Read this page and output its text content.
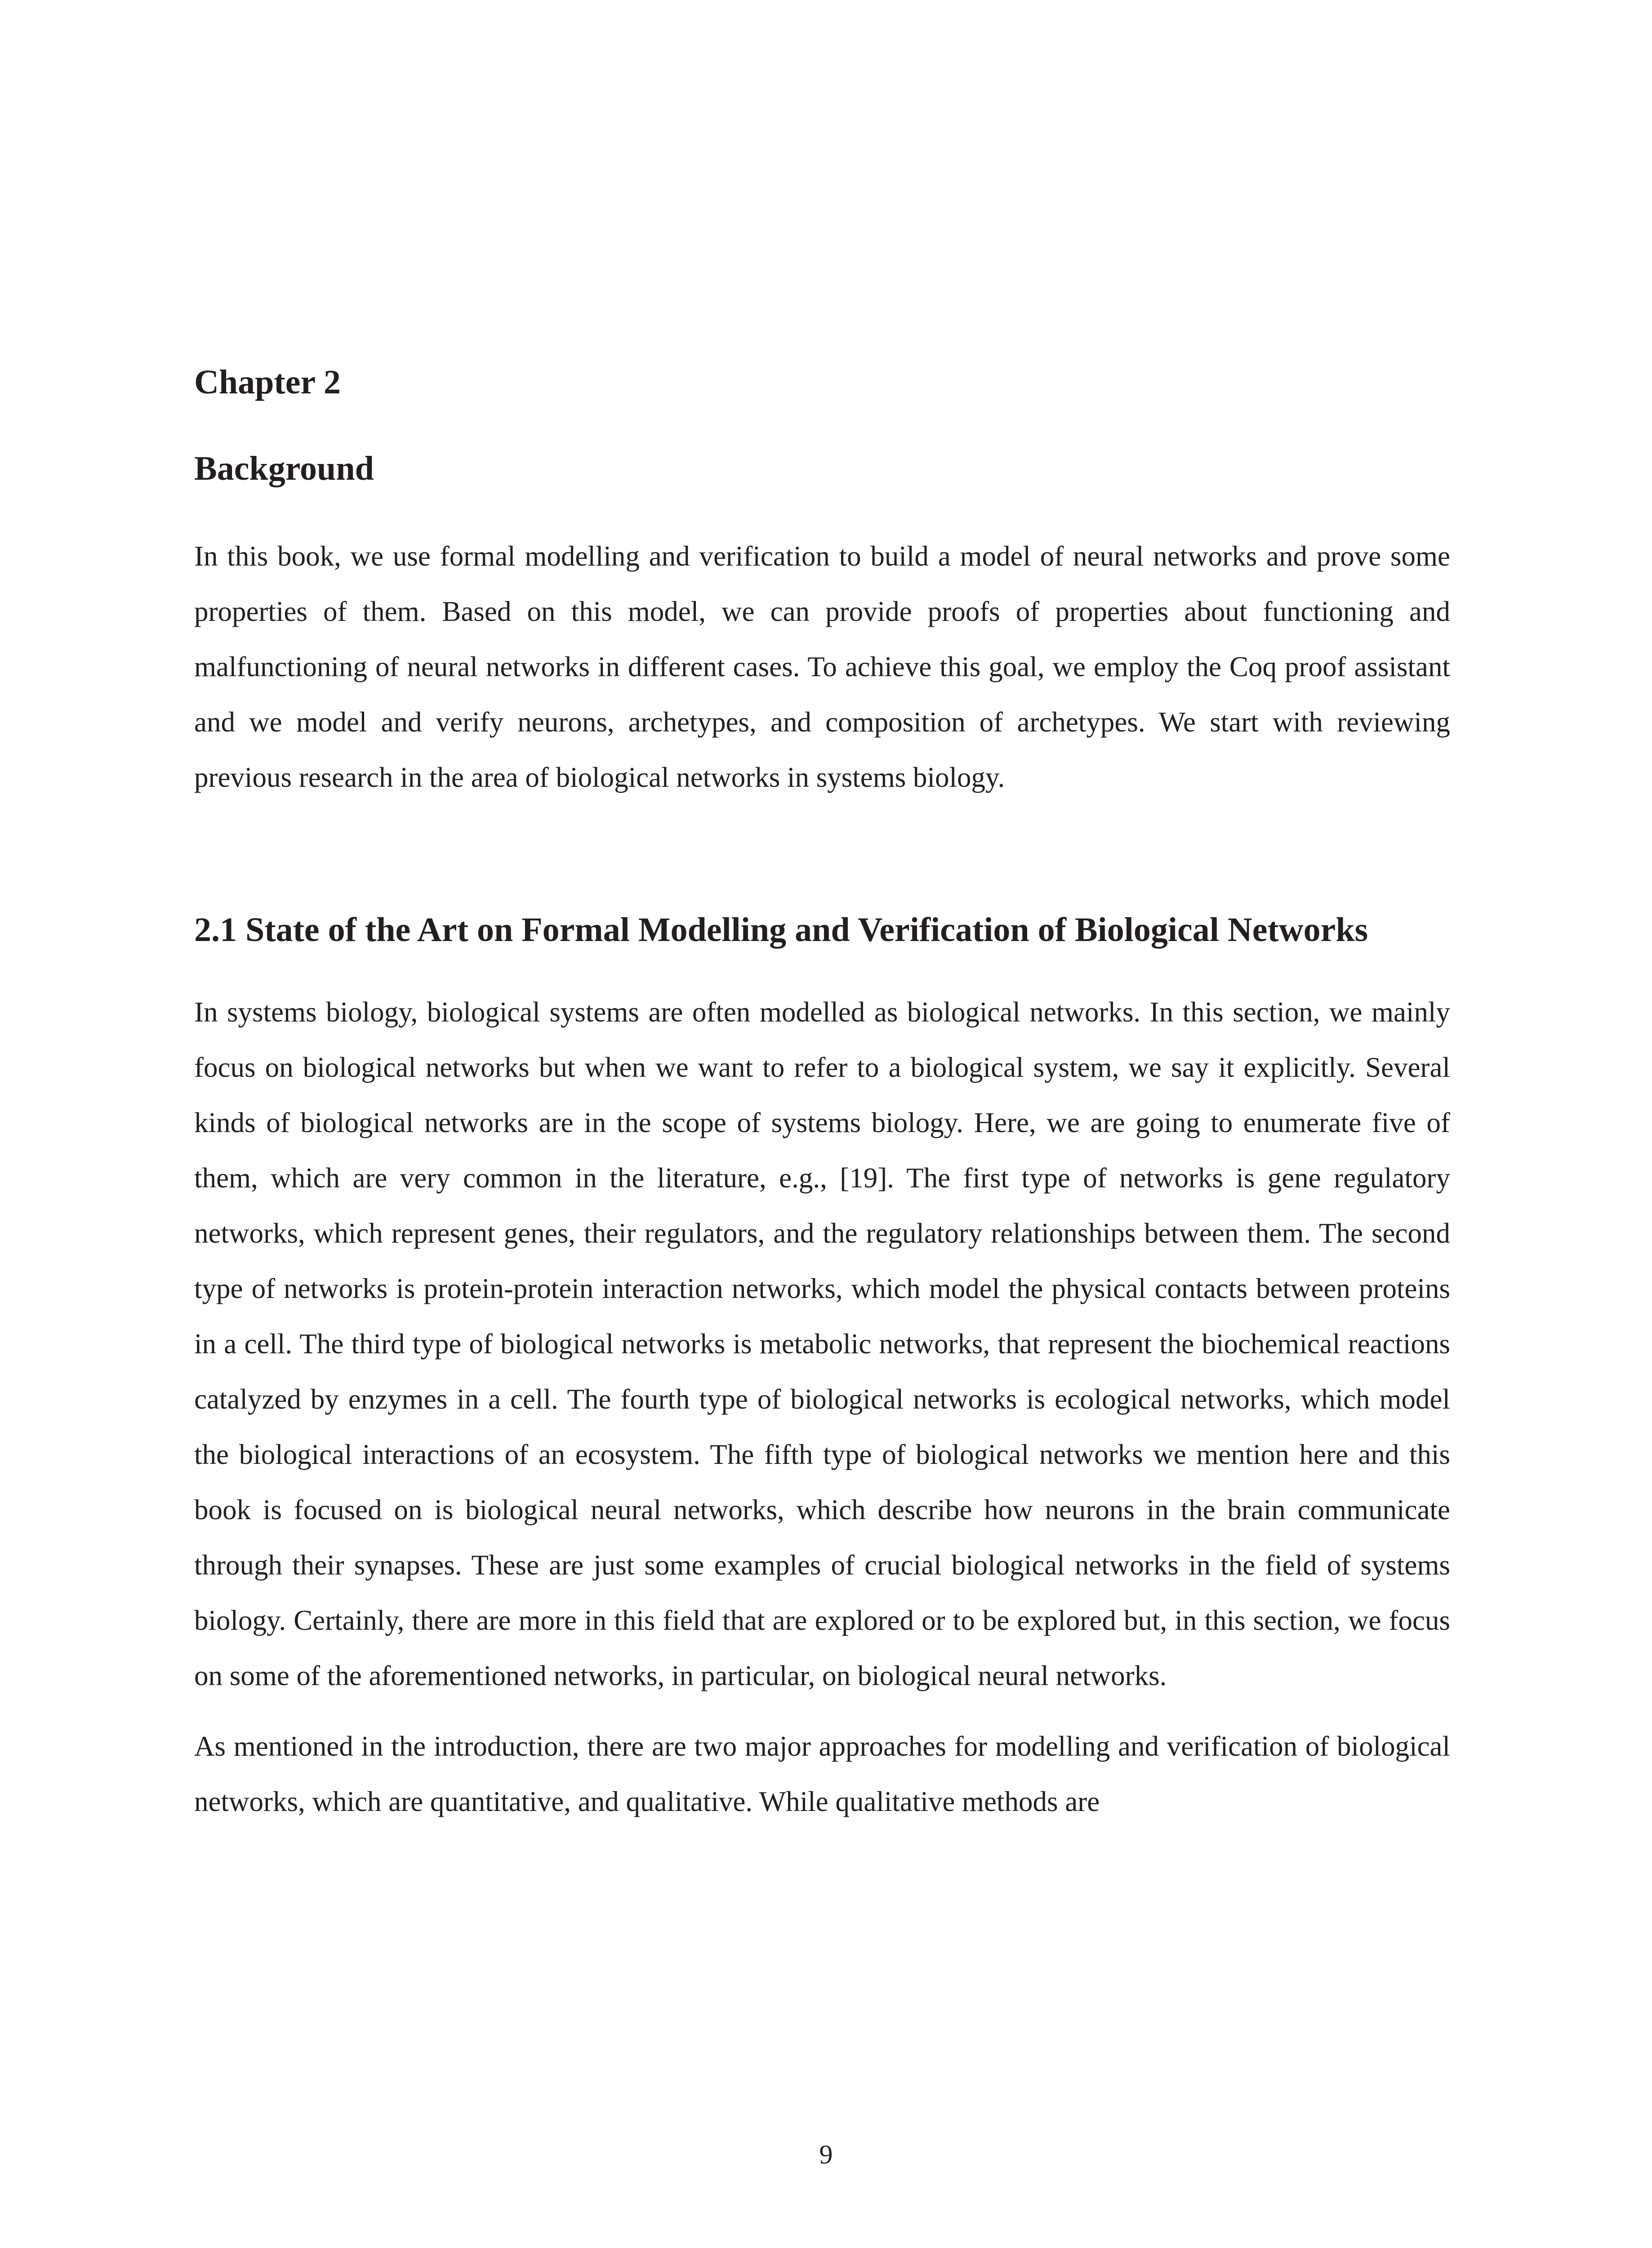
Chapter 2
Background

In this book, we use formal modelling and verification to build a model of neural networks and prove some properties of them. Based on this model, we can provide proofs of properties about functioning and malfunctioning of neural networks in different cases. To achieve this goal, we employ the Coq proof assistant and we model and verify neurons, archetypes, and composition of archetypes. We start with reviewing previous research in the area of biological networks in systems biology.

2.1 State of the Art on Formal Modelling and Verification of Biological Networks

In systems biology, biological systems are often modelled as biological networks. In this section, we mainly focus on biological networks but when we want to refer to a biological system, we say it explicitly. Several kinds of biological networks are in the scope of systems biology. Here, we are going to enumerate five of them, which are very common in the literature, e.g., [19]. The first type of networks is gene regulatory networks, which represent genes, their regulators, and the regulatory relationships between them. The second type of networks is protein-protein interaction networks, which model the physical contacts between proteins in a cell. The third type of biological networks is metabolic networks, that represent the biochemical reactions catalyzed by enzymes in a cell. The fourth type of biological networks is ecological networks, which model the biological interactions of an ecosystem. The fifth type of biological networks we mention here and this book is focused on is biological neural networks, which describe how neurons in the brain communicate through their synapses. These are just some examples of crucial biological networks in the field of systems biology. Certainly, there are more in this field that are explored or to be explored but, in this section, we focus on some of the aforementioned networks, in particular, on biological neural networks.

As mentioned in the introduction, there are two major approaches for modelling and verification of biological networks, which are quantitative, and qualitative. While qualitative methods are

9
